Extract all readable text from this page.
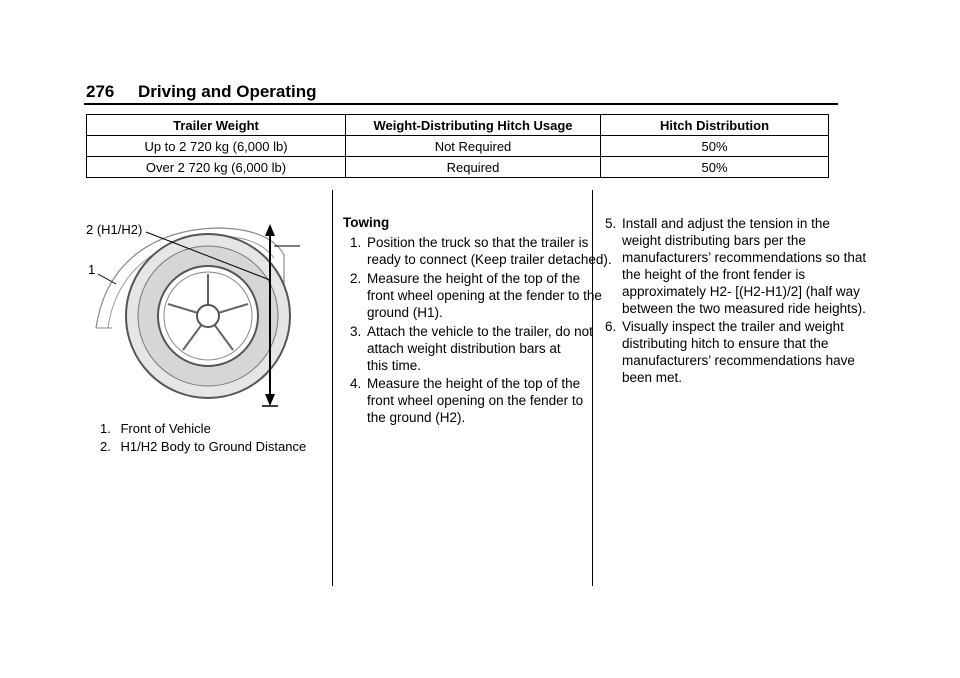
276 Driving and Operating
Trailer Weight	Weight-Distributing Hitch Usage	Hitch Distribution
Up to 2 720 kg (6,000 lb)	Not Required	50%
Over 2 720 kg (6,000 lb)	Required	50%
2 (H1/H2)
1
1. Front of Vehicle
2. H1/H2 Body to Ground Distance
Towing
1. Position the truck so that the trailer is
ready to connect (Keep trailer detached).
2. Measure the height of the top of the
front wheel opening at the fender to the
ground (H1).
3. Attach the vehicle to the trailer, do not
attach weight distribution bars at
this time.
4. Measure the height of the top of the
front wheel opening on the fender to
the ground (H2).
5. Install and adjust the tension in the
weight distributing bars per the
manufacturers’ recommendations so that
the height of the front fender is
approximately H2- [(H2-H1)/2] (half way
between the two measured ride heights).
6. Visually inspect the trailer and weight
distributing hitch to ensure that the
manufacturers’ recommendations have
been met.
